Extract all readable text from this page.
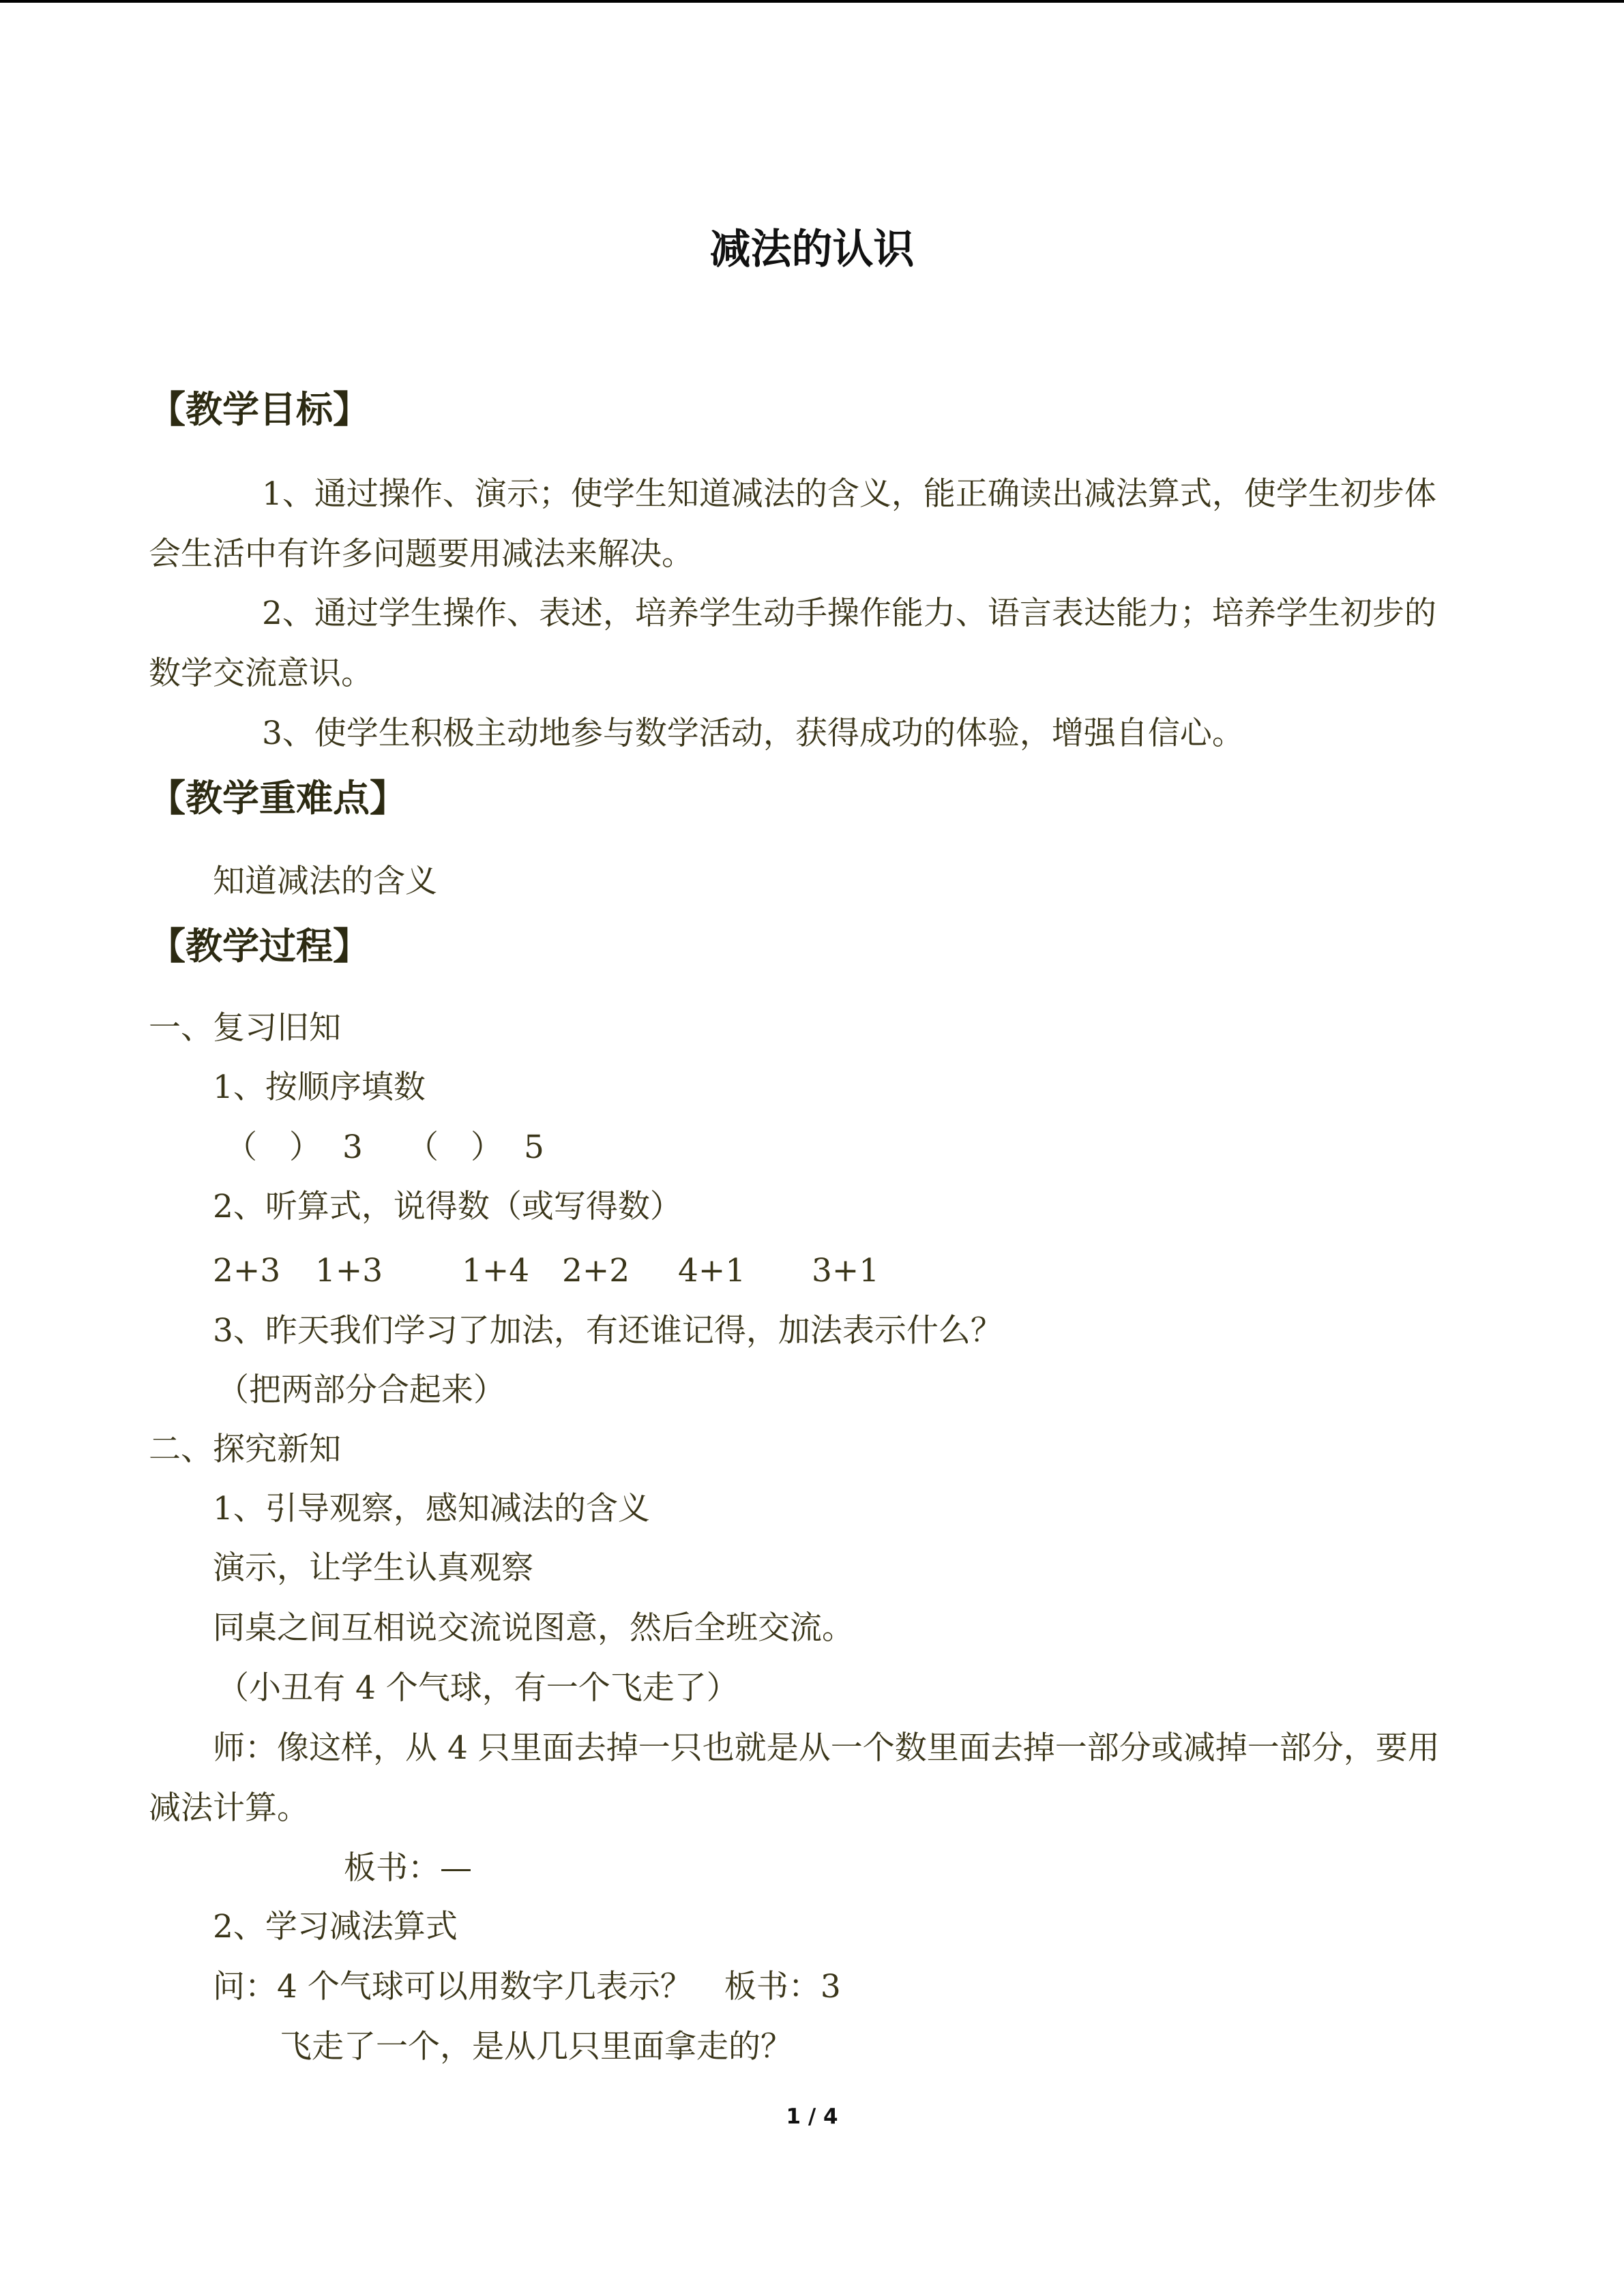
减法的认识
【教学目标】
1、通过操作、演示；使学生知道减法的含义，能正确读出减法算式，使学生初步体
会生活中有许多问题要用减法来解决。
2、通过学生操作、表述，培养学生动手操作能力、语言表达能力；培养学生初步的
数学交流意识。
3、使学生积极主动地参与数学活动，获得成功的体验，增强自信心。
【教学重难点】
知道减法的含义
【教学过程】
一、复习旧知
1、按顺序填数
（　） 3 （　） 5
2、听算式，说得数（或写得数）
2+3 1+3 1+4 2+2 4+1 3+1
3、昨天我们学习了加法，有还谁记得，加法表示什么？
（把两部分合起来）
二、探究新知
1、引导观察，感知减法的含义
演示，让学生认真观察
同桌之间互相说交流说图意，然后全班交流。
（小丑有 4 个气球，有一个飞走了）
师：像这样，从 4 只里面去掉一只也就是从一个数里面去掉一部分或减掉一部分，要用
减法计算。
板书：—
2、学习减法算式
问：4 个气球可以用数字几表示？　板书：3
飞走了一个，是从几只里面拿走的？
1 / 4
